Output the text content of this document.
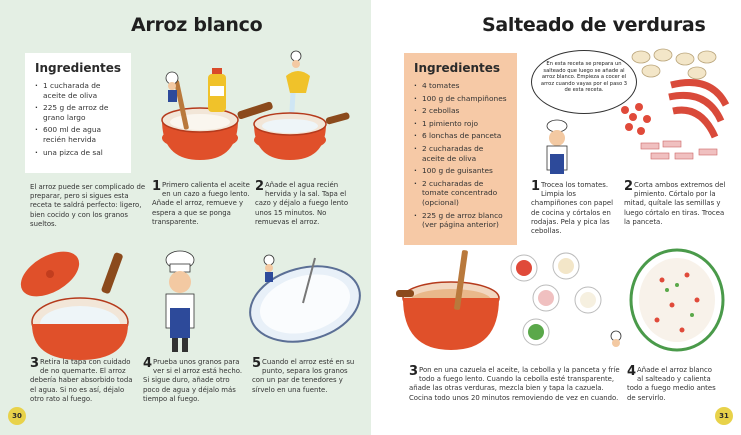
Arroz blanco
Ingredientes
· 1 cucharada de aceite de oliva
· 225 g de arroz de grano largo
· 600 ml de agua recién hervida
· una pizca de sal
El arroz puede ser complicado de preparar, pero si sigues esta receta te saldrá perfecto: ligero, bien cocido y con los granos sueltos.
1 Primero calienta el aceite en un cazo a fuego lento. Añade el arroz, remueve y espera a que se ponga transparente.
2 Añade el agua recién hervida y la sal. Tapa el cazo y déjalo a fuego lento unos 15 minutos. No remuevas el arroz.
3 Retira la tapa con cuidado de no quemarte. El arroz debería haber absorbido toda el agua. Si no es así, déjalo otro rato al fuego.
4 Prueba unos granos para ver si el arroz está hecho. Si sigue duro, añade otro poco de agua y déjalo más tiempo al fuego.
5 Cuando el arroz esté en su punto, separa los granos con un par de tenedores y sírvelo en una fuente.
30
Salteado de verduras
Ingredientes
· 4 tomates
· 100 g de champiñones
· 2 cebollas
· 1 pimiento rojo
· 6 lonchas de panceta
· 2 cucharadas de aceite de oliva
· 100 g de guisantes
· 2 cucharadas de tomate concentrado (opcional)
· 225 g de arroz blanco (ver página anterior)
En esta receta se prepara un salteado que luego se añade al arroz blanco. Empieza a cocer el arroz cuando vayas por el paso 3 de esta receta.
1 Trocea los tomates. Limpia los champiñones con papel de cocina y córtalos en rodajas. Pela y pica las cebollas.
2 Corta ambos extremos del pimiento. Córtalo por la mitad, quítale las semillas y luego córtalo en tiras. Trocea la panceta.
3 Pon en una cazuela el aceite, la cebolla y la panceta y fríe todo a fuego lento. Cuando la cebolla esté transparente, añade las otras verduras, mezcla bien y tapa la cazuela. Cocina todo unos 20 minutos removiendo de vez en cuando.
4 Añade el arroz blanco al salteado y calienta todo a fuego medio antes de servirlo.
31
